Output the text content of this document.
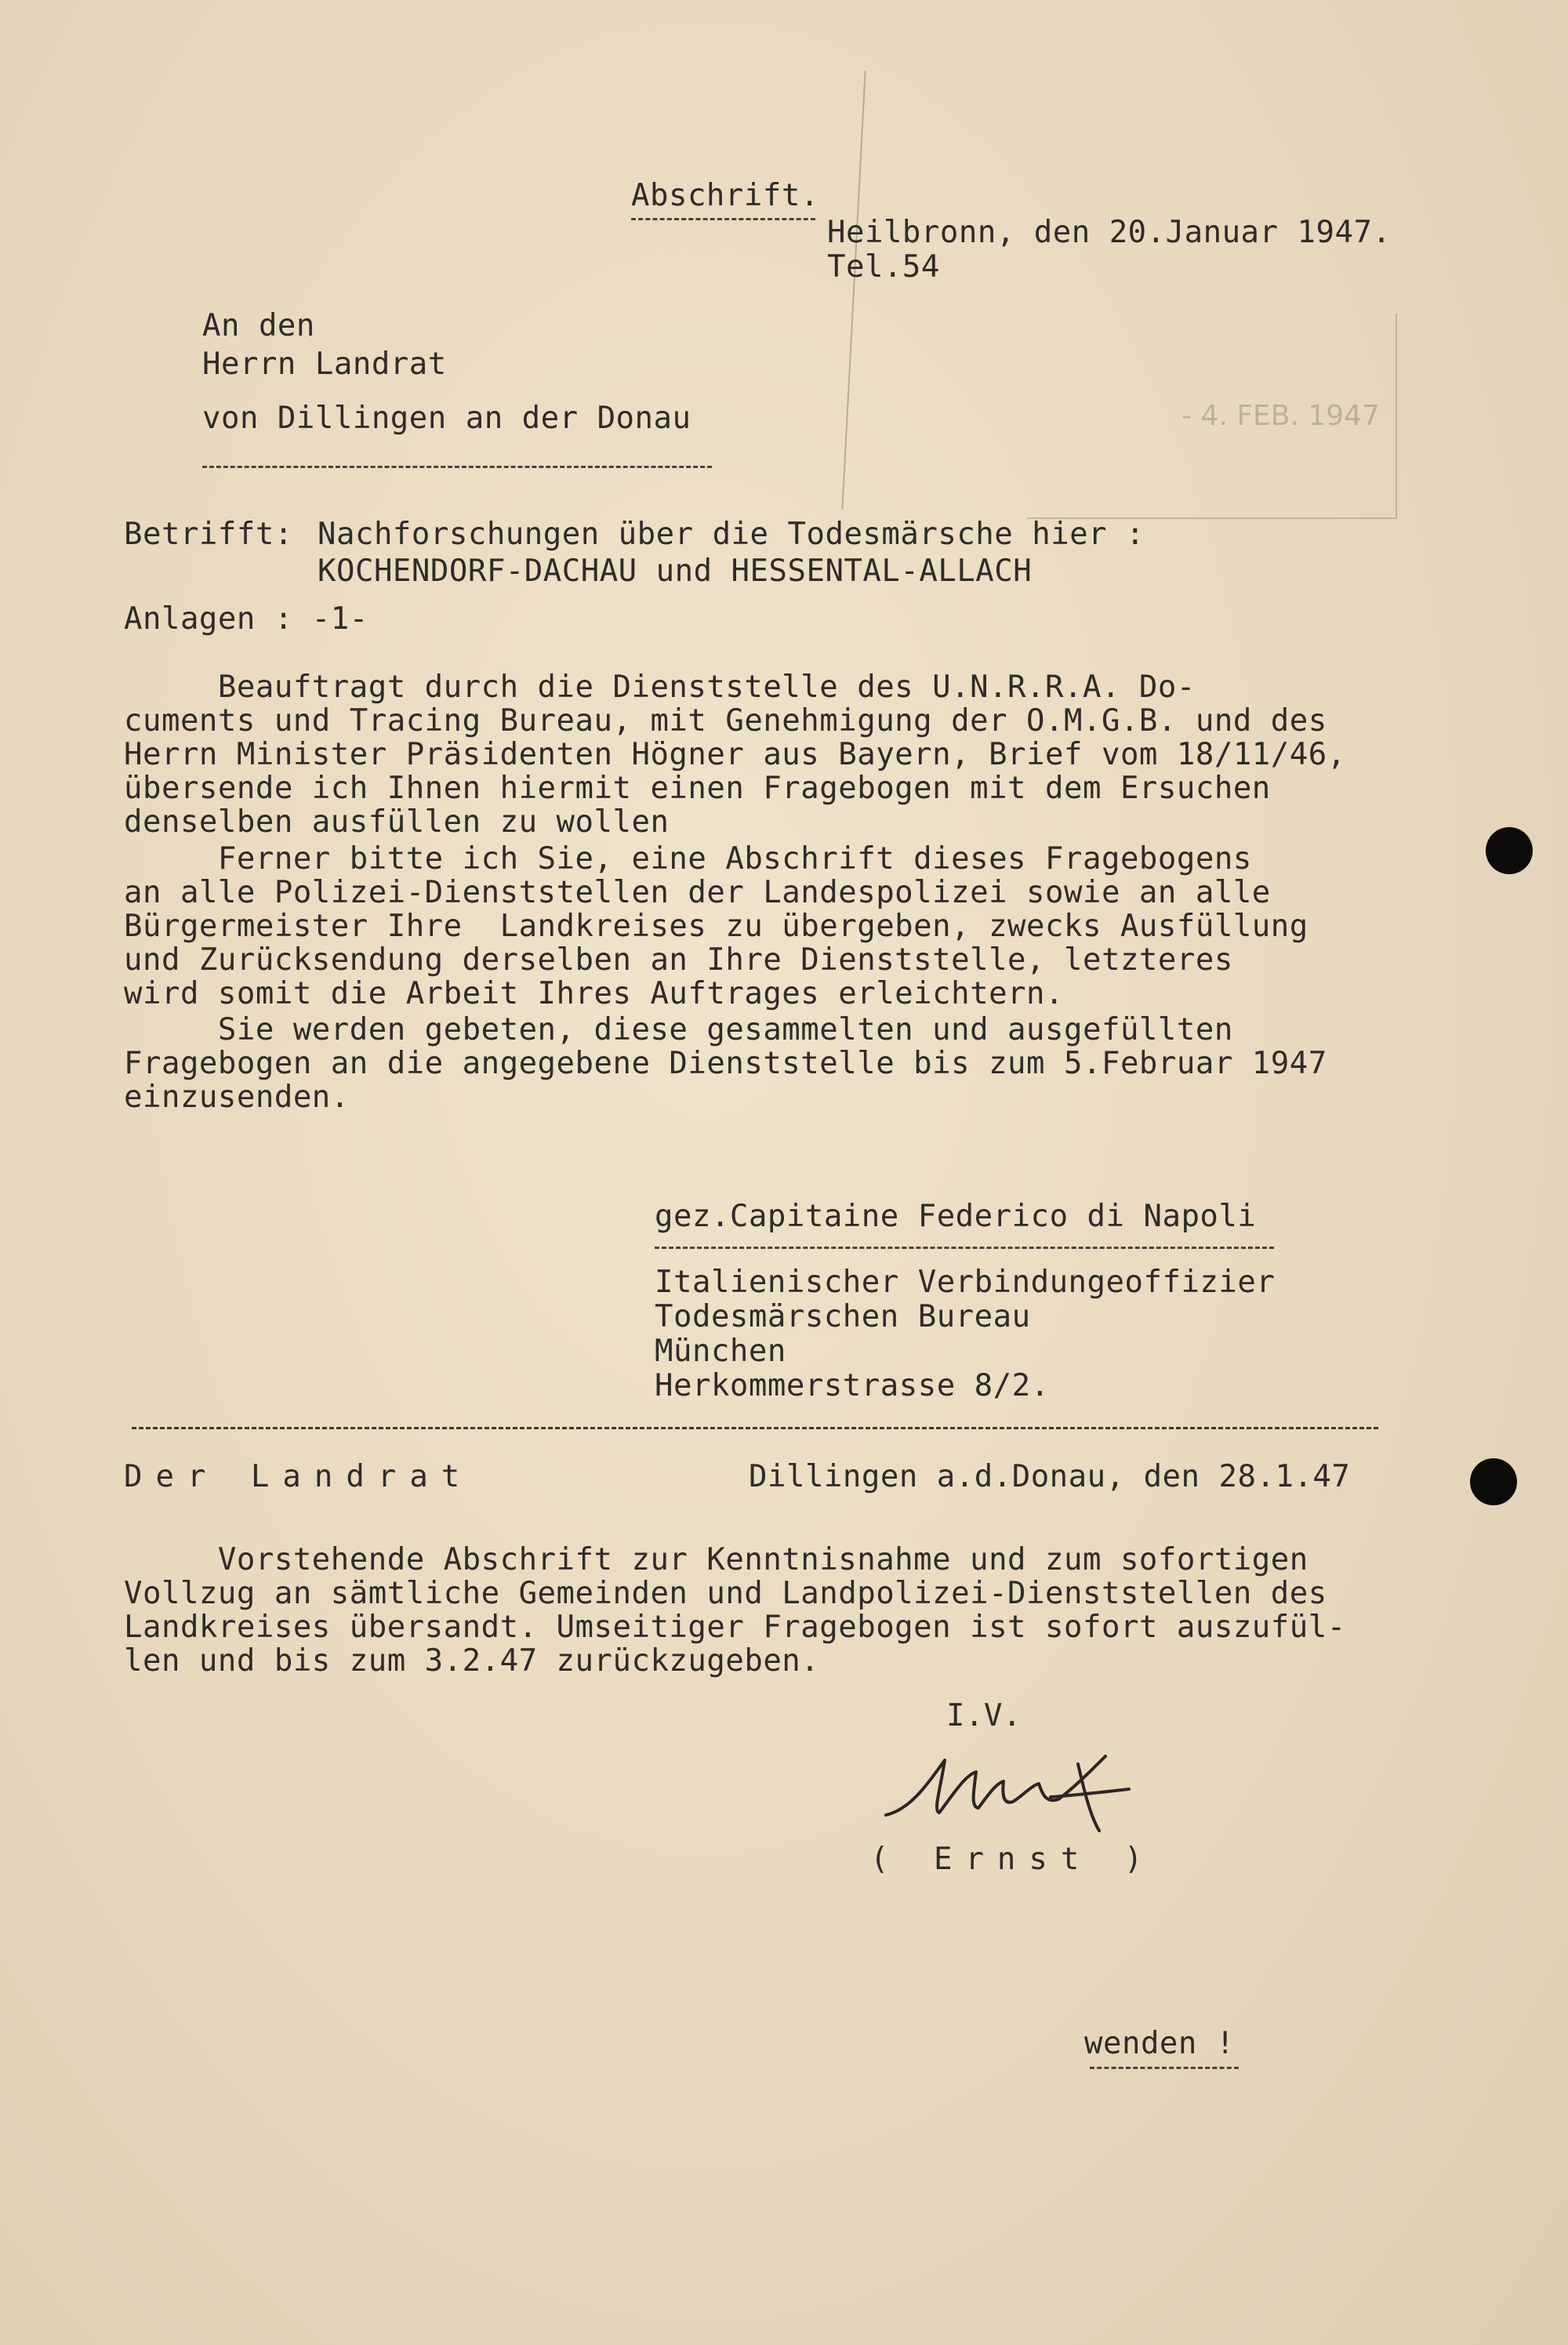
Abschrift.
Heilbronn, den 20.Januar 1947.
Tel.54
An den
Herrn Landrat
von Dillingen an der Donau	- 4. FEB. 1947
Betrifft: Nachforschungen über die Todesmärsche hier :
KOCHENDORF-DACHAU und HESSENTAL-ALLACH
Anlagen : -1-
Beauftragt durch die Dienststelle des U.N.R.R.A. Do-
cuments und Tracing Bureau, mit Genehmigung der O.M.G.B. und des
Herrn Minister Präsidenten Högner aus Bayern, Brief vom 18/11/46,
übersende ich Ihnen hiermit einen Fragebogen mit dem Ersuchen
denselben ausfüllen zu wollen
Ferner bitte ich Sie, eine Abschrift dieses Fragebogens
an alle Polizei-Dienststellen der Landespolizei sowie an alle
Bürgermeister Ihre  Landkreises zu übergeben, zwecks Ausfüllung
und Zurücksendung derselben an Ihre Dienststelle, letzteres
wird somit die Arbeit Ihres Auftrages erleichtern.
Sie werden gebeten, diese gesammelten und ausgefüllten
Fragebogen an die angegebene Dienststelle bis zum 5.Februar 1947
einzusenden.
gez.Capitaine Federico di Napoli
Italienischer Verbindungeoffizier
Todesmärschen Bureau
München
Herkommerstrasse 8/2.
Der Landrat	Dillingen a.d.Donau, den 28.1.47
Vorstehende Abschrift zur Kenntnisnahme und zum sofortigen
Vollzug an sämtliche Gemeinden und Landpolizei-Dienststellen des
Landkreises übersandt. Umseitiger Fragebogen ist sofort auszufül-
len und bis zum 3.2.47 zurückzugeben.
I.V.
( Ernst )
wenden !
